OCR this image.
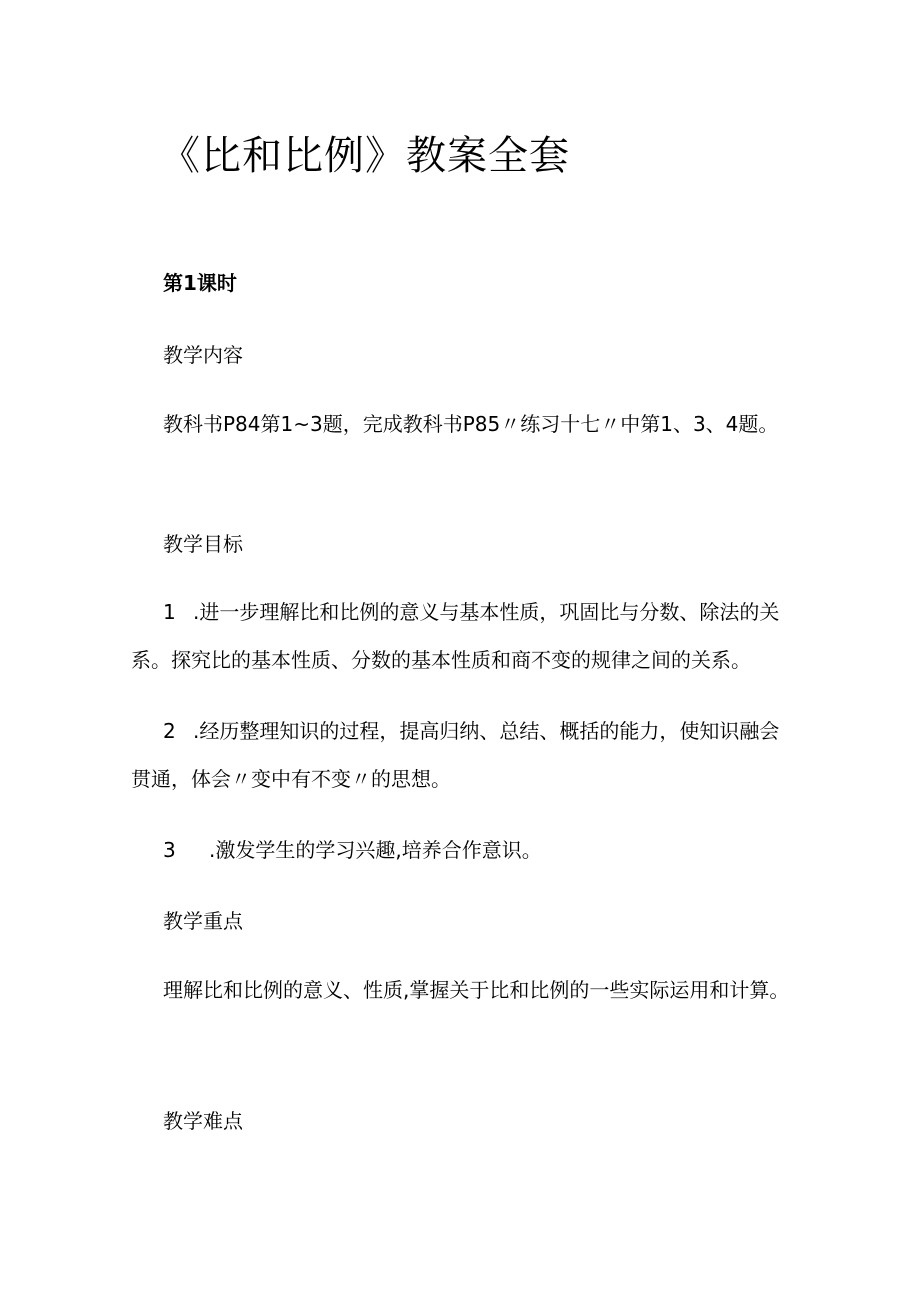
《比和比例》教案全套
第1课时
教学内容

教科书P84第1~3题，完成教科书P85〃练习十七〃中第1、3、4题。

教学目标

1 .进一步理解比和比例的意义与基本性质，巩固比与分数、除法的关系。探究比的基本性质、分数的基本性质和商不变的规律之间的关系。

2 .经历整理知识的过程，提高归纳、总结、概括的能力，使知识融会贯通，体会〃变中有不变〃的思想。

3 .激发学生的学习兴趣,培养合作意识。

教学重点

理解比和比例的意义、性质,掌握关于比和比例的一些实际运用和计算。

教学难点
